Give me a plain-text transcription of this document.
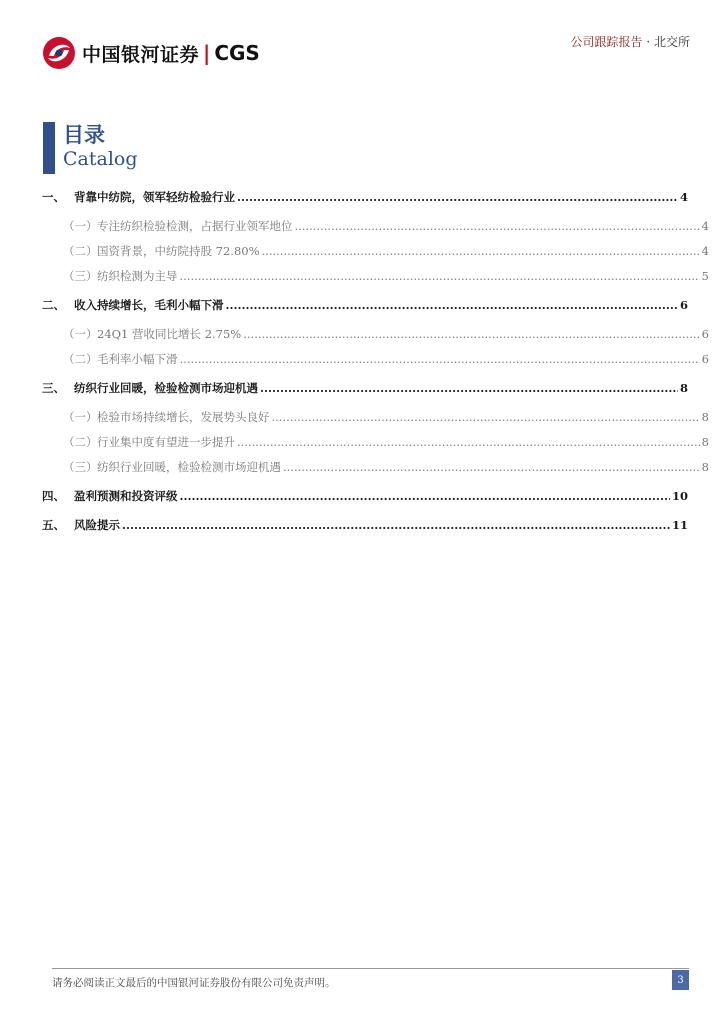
中国银河证券 | CGS	公司跟踪报告 · 北交所
目录
Catalog
一、 背靠中纺院，领军轻纺检验行业 .....	4
（一） 专注纺织检验检测，占据行业领军地位 .....	4
（二） 国资背景，中纺院持股 72.80% .....	4
（三） 纺织检测为主导 .....	5
二、 收入持续增长，毛利小幅下滑 .....	6
（一） 24Q1 营收同比增长 2.75% .....	6
（二） 毛利率小幅下滑 .....	6
三、 纺织行业回暖，检验检测市场迎机遇 .....	8
（一） 检验市场持续增长，发展势头良好 .....	8
（二） 行业集中度有望进一步提升 .....	8
（三） 纺织行业回暖，检验检测市场迎机遇 .....	8
四、 盈利预测和投资评级 .....	10
五、 风险提示 .....	11
请务必阅读正文最后的中国银河证券股份有限公司免责声明。	3
